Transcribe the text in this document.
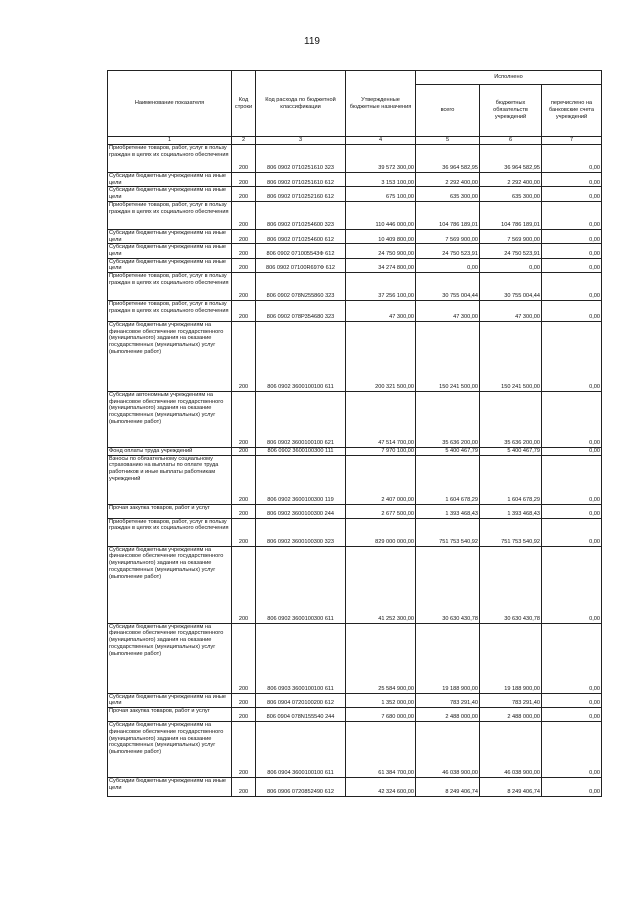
119
Наименование показателя	Код строки	Код расхода по бюджетной классификации	Утвержденные бюджетные назначения	Исполнено		
				всего	бюджетных обязательств учреждений	перечислено на банковские счета учреждений
1	2	3	4	5	6	7
Приобретение товаров, работ, услуг в пользу граждан в целях их социального обеспечения	200	806 0902 0710251610 323	39 572 300,00	36 964 582,95	36 964 582,95	0,00
Субсидии бюджетным учреждениям на иные цели	200	806 0902 0710251610 612	3 153 100,00	2 292 400,00	2 292 400,00	0,00
Субсидии бюджетным учреждениям на иные цели	200	806 0902 0710252160 612	675 100,00	635 300,00	635 300,00	0,00
Приобретение товаров, работ, услуг в пользу граждан в целях их социального обеспечения	200	806 0902 0710254600 323	110 446 000,00	104 786 189,01	104 786 189,01	0,00
Субсидии бюджетным учреждениям на иные цели	200	806 0902 0710254600 612	10 409 800,00	7 569 900,00	7 569 900,00	0,00
Субсидии бюджетным учреждениям на иные цели	200	806 0902 071005543Ф 612	24 750 900,00	24 750 523,91	24 750 523,91	0,00
Субсидии бюджетным учреждениям на иные цели	200	806 0902 07100R697Ф 612	34 274 800,00	0,00	0,00	0,00
Приобретение товаров, работ, услуг в пользу граждан в целях их социального обеспечения	200	806 0902 078N255860 323	37 256 100,00	30 755 004,44	30 755 004,44	0,00
Приобретение товаров, работ, услуг в пользу граждан в целях их социального обеспечения	200	806 0902 078P354680 323	47 300,00	47 300,00	47 300,00	0,00
Субсидии бюджетным учреждениям на финансовое обеспечение государственного (муниципального) задания на оказание государственных (муниципальных) услуг (выполнение работ)	200	806 0902 3600100100 611	200 321 500,00	150 241 500,00	150 241 500,00	0,00
Субсидии автономным учреждениям на финансовое обеспечение государственного (муниципального) задания на оказание государственных (муниципальных) услуг (выполнение работ)	200	806 0902 3600100100 621	47 514 700,00	35 636 200,00	35 636 200,00	0,00
Фонд оплаты труда учреждений	200	806 0902 3600100300 111	7 970 100,00	5 400 467,79	5 400 467,79	0,00
Взносы по обязательному социальному страхованию на выплаты по оплате труда работников и иные выплаты работникам учреждений	200	806 0902 3600100300 119	2 407 000,00	1 604 678,29	1 604 678,29	0,00
Прочая закупка товаров, работ и услуг	200	806 0902 3600100300 244	2 677 500,00	1 393 468,43	1 393 468,43	0,00
Приобретение товаров, работ, услуг в пользу граждан в целях их социального обеспечения	200	806 0902 3600100300 323	829 000 000,00	751 753 540,92	751 753 540,92	0,00
Субсидии бюджетным учреждениям на финансовое обеспечение государственного (муниципального) задания на оказание государственных (муниципальных) услуг (выполнение работ)	200	806 0902 3600100300 611	41 252 300,00	30 630 430,78	30 630 430,78	0,00
Субсидии бюджетным учреждениям на финансовое обеспечение государственного (муниципального) задания на оказание государственных (муниципальных) услуг (выполнение работ)	200	806 0903 3600100100 611	25 584 900,00	19 188 900,00	19 188 900,00	0,00
Субсидии бюджетным учреждениям на иные цели	200	806 0904 0720100200 612	1 352 000,00	783 291,40	783 291,40	0,00
Прочая закупка товаров, работ и услуг	200	806 0904 078N155540 244	7 680 000,00	2 488 000,00	2 488 000,00	0,00
Субсидии бюджетным учреждениям на финансовое обеспечение государственного (муниципального) задания на оказание государственных (муниципальных) услуг (выполнение работ)	200	806 0904 3600100100 611	61 384 700,00	46 038 900,00	46 038 900,00	0,00
Субсидии бюджетным учреждениям на иные цели	200	806 0906 0720852490 612	42 324 600,00	8 249 406,74	8 249 406,74	0,00
